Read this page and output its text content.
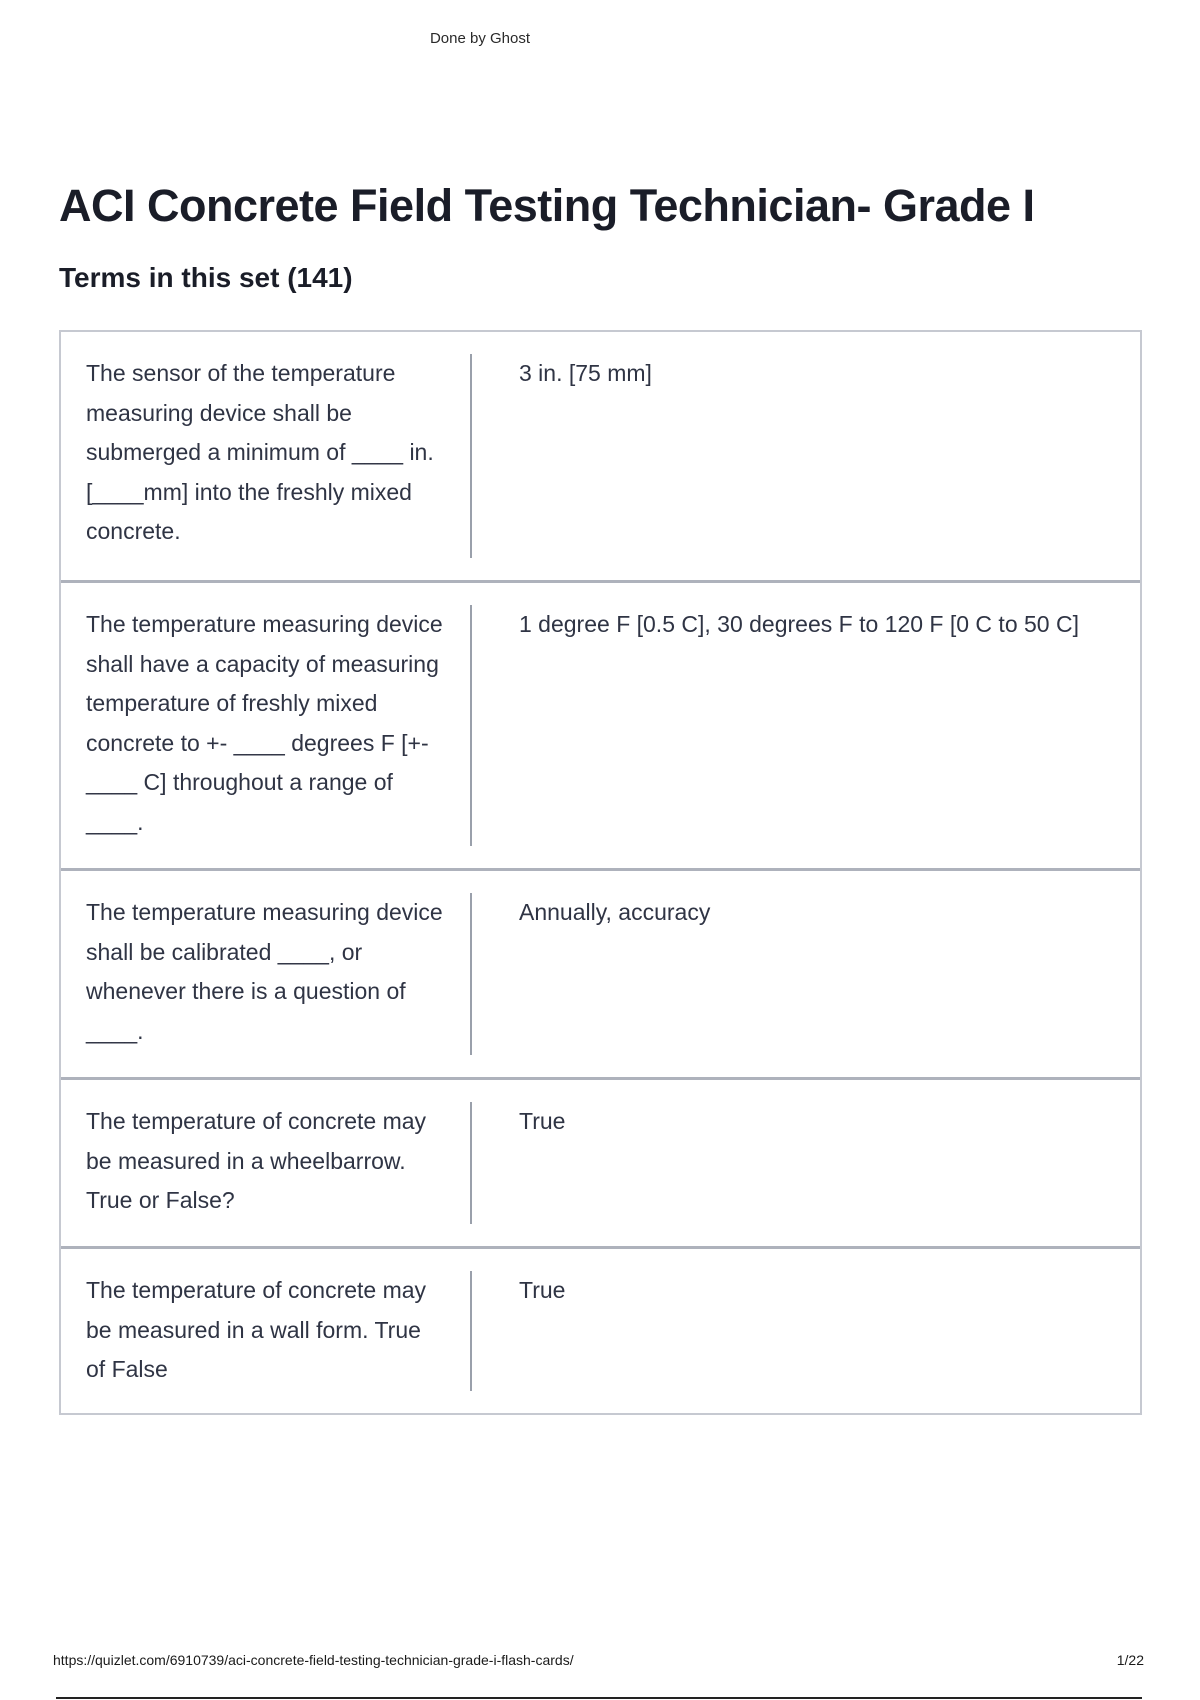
Done by Ghost
ACI Concrete Field Testing Technician- Grade I
Terms in this set (141)
The sensor of the temperature measuring device shall be submerged a minimum of ____ in. [____mm] into the freshly mixed concrete.
3 in. [75 mm]
The temperature measuring device shall have a capacity of measuring temperature of freshly mixed concrete to +- ____ degrees F [+- ____ C] throughout a range of ____.
1 degree F [0.5 C], 30 degrees F to 120 F [0 C to 50 C]
The temperature measuring device shall be calibrated ____, or whenever there is a question of ____.
Annually, accuracy
The temperature of concrete may be measured in a wheelbarrow. True or False?
True
The temperature of concrete may be measured in a wall form. True of False
True
https://quizlet.com/6910739/aci-concrete-field-testing-technician-grade-i-flash-cards/	1/22
